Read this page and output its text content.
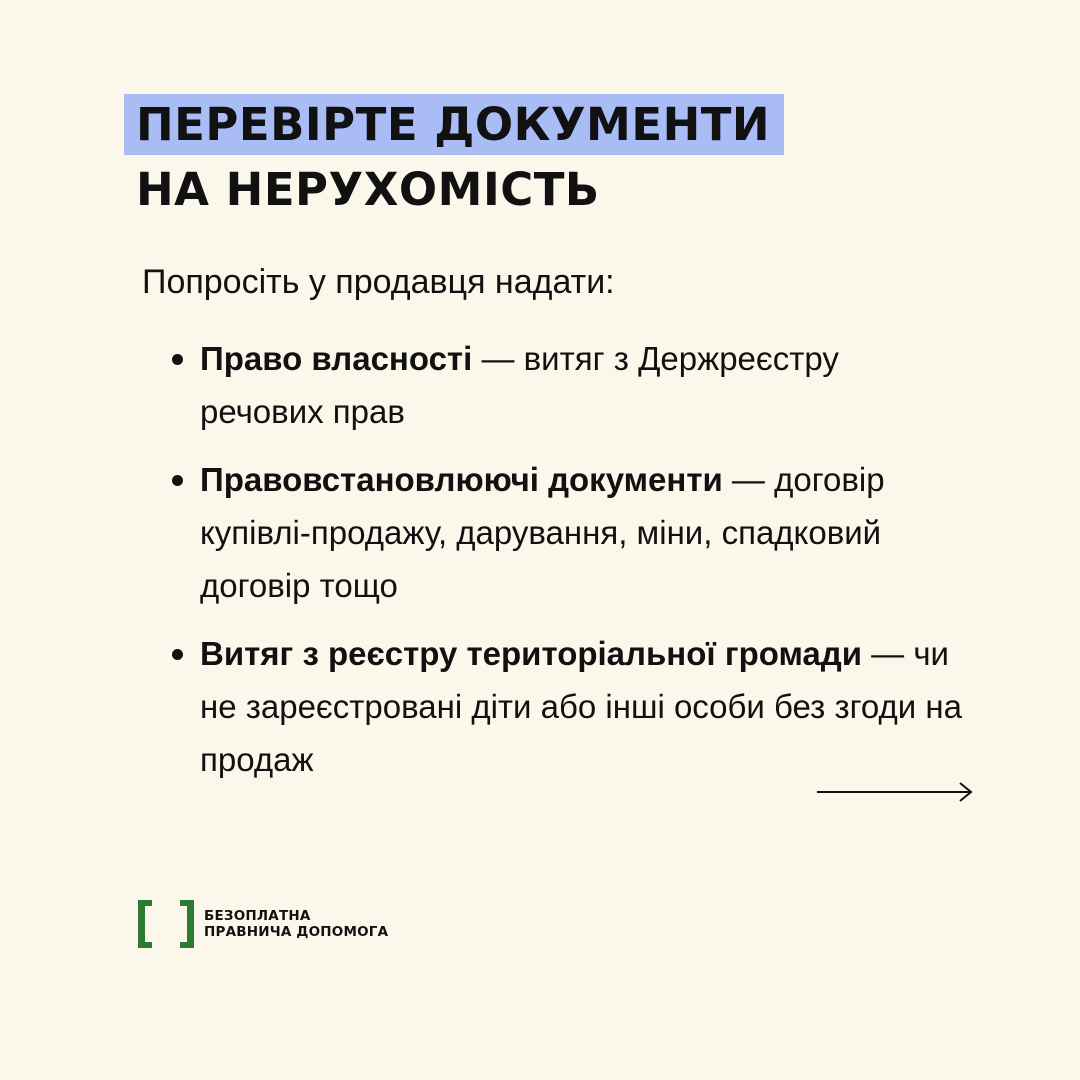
ПЕРЕВІРТЕ ДОКУМЕНТИ
НА НЕРУХОМІСТЬ
Попросіть у продавця надати:
Право власності — витяг з Держреєстру речових прав
Правовстановлюючі документи — договір купівлі-продажу, дарування, міни, спадковий договір тощо
Витяг з реєстру територіальної громади — чи не зареєстровані діти або інші особи без згоди на продаж
БЕЗОПЛАТНА
ПРАВНИЧА ДОПОМОГА
